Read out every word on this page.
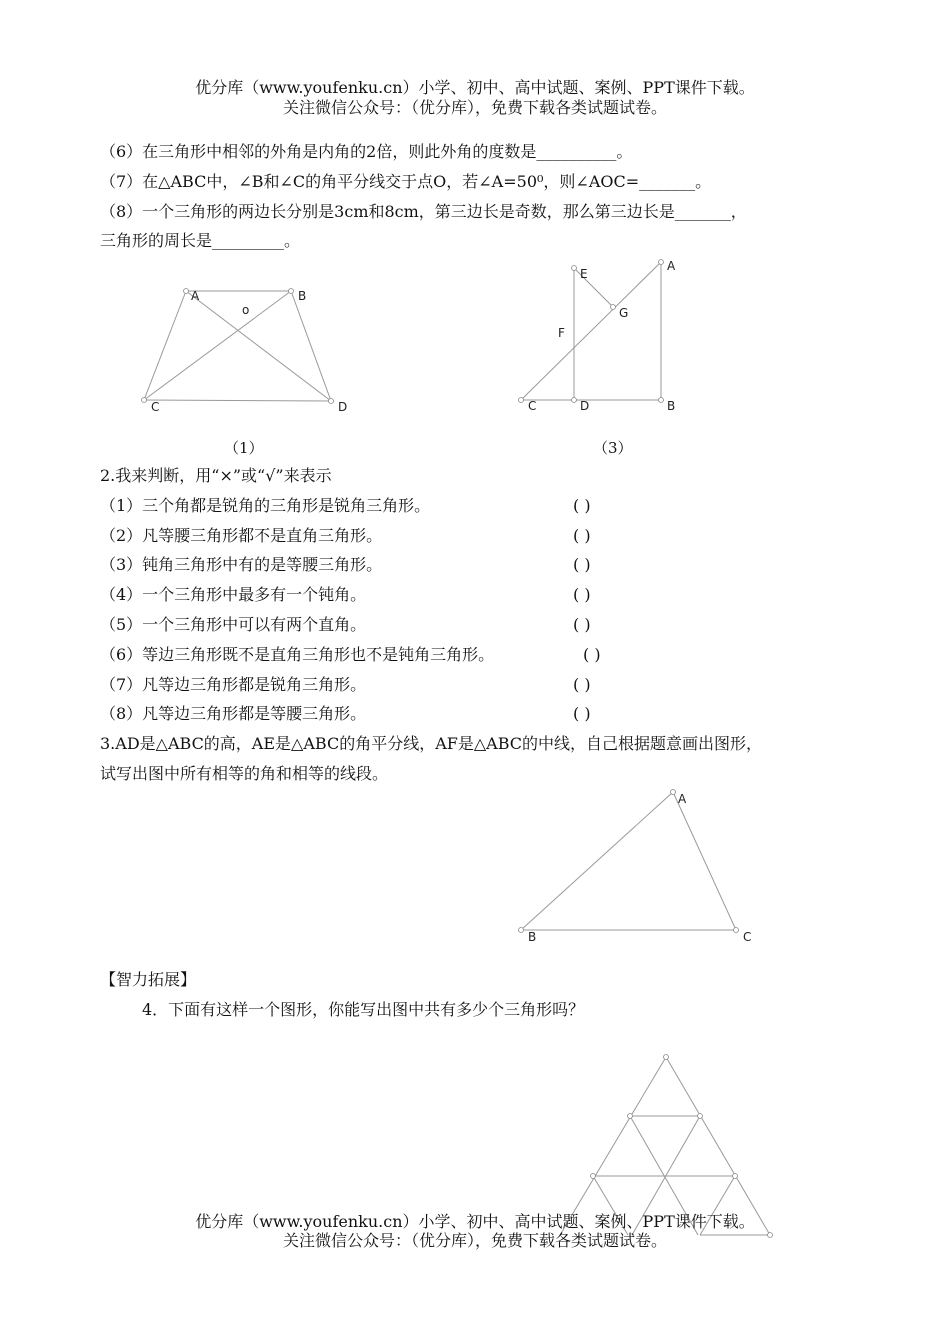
优分库（www.youfenku.cn）小学、初中、高中试题、案例、PPT课件下载。
关注微信公众号：（优分库），免费下载各类试题试卷。
（6）在三角形中相邻的外角是内角的2倍，则此外角的度数是__________。
（7）在△ABC中，∠B和∠C的角平分线交于点O，若∠A=50⁰，则∠AOC=_______。
（8）一个三角形的两边长分别是3cm和8cm，第三边长是奇数，那么第三边长是_______，
三角形的周长是_________。
A	B
C	D
o
（1）
A
B
C	D
E
F
G
（3）
2.我来判断，用“×”或“√”来表示
（1）三个角都是锐角的三角形是锐角三角形。	( )
（2）凡等腰三角形都不是直角三角形。	( )
（3）钝角三角形中有的是等腰三角形。	( )
（4）一个三角形中最多有一个钝角。	( )
（5）一个三角形中可以有两个直角。	( )
（6）等边三角形既不是直角三角形也不是钝角三角形。	( )
（7）凡等边三角形都是锐角三角形。	( )
（8）凡等边三角形都是等腰三角形。	( )
3.AD是△ABC的高，AE是△ABC的角平分线，AF是△ABC的中线，自己根据题意画出图形，
试写出图中所有相等的角和相等的线段。
A
B	C
【智力拓展】
4．下面有这样一个图形，你能写出图中共有多少个三角形吗？
优分库（www.youfenku.cn）小学、初中、高中试题、案例、PPT课件下载。
关注微信公众号：（优分库），免费下载各类试题试卷。
